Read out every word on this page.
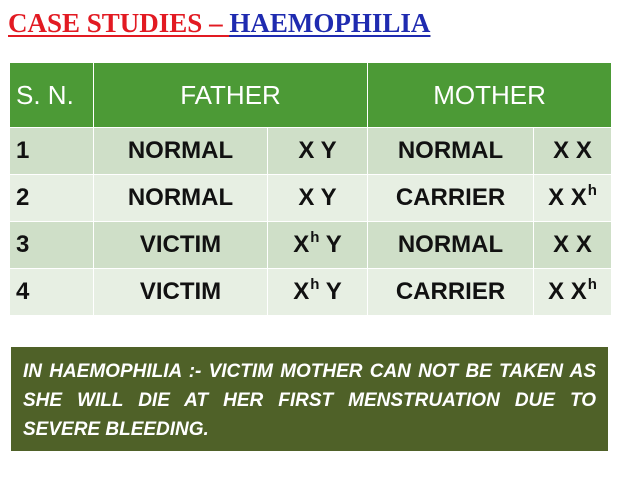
CASE STUDIES – HAEMOPHILIA
S. N.	FATHER		MOTHER	
1	NORMAL	X Y	NORMAL	X X
2	NORMAL	X Y	CARRIER	X $X^h$
3	VICTIM	$X^h$ Y	NORMAL	X X
4	VICTIM	$X^h$ Y	CARRIER	X $X^h$
IN HAEMOPHILIA :- VICTIM MOTHER CAN NOT BE TAKEN AS SHE WILL DIE AT HER FIRST MENSTRUATION DUE TO SEVERE BLEEDING.
